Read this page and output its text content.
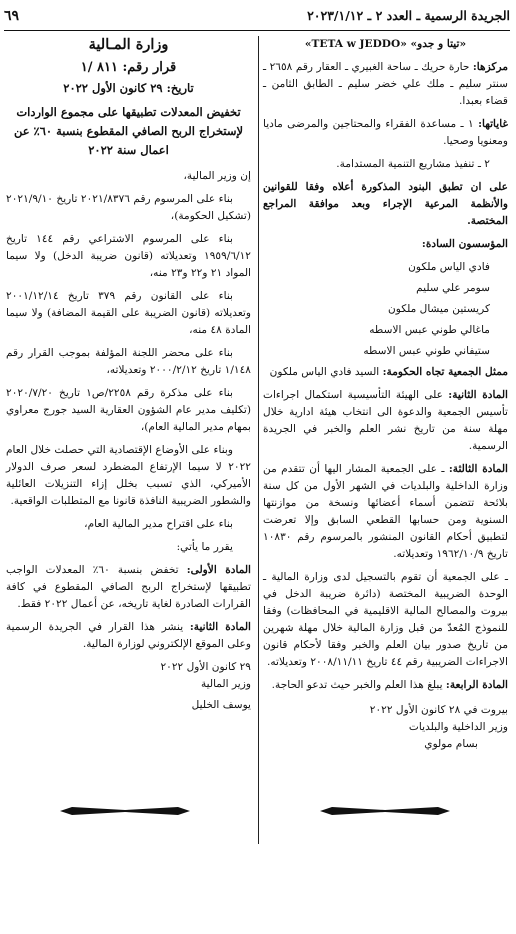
الجريدة الرسمية ـ العدد ٢ ـ ٢٠٢٣/١/١٢
٦٩

«تيتا و جدو» «TETA w JEDDO»

مركزها: حارة حريك ـ ساحة الغبيري ـ العقار رقم ٢٦٥٨ ـ سنتر سليم ـ ملك علي خضر سليم ـ الطابق الثامن ـ قضاء بعبدا.

غاياتها: ١ ـ مساعدة الفقراء والمحتاجين والمرضى ماديا ومعنويا وصحيا.

٢ ـ تنفيذ مشاريع التنمية المستدامة.

على ان تطبق البنود المذكورة أعلاه وفقا للقوانين والأنظمة المرعية الإجراء وبعد موافقة المراجع المختصة.

المؤسسون السادة:

فادي الياس ملكون
سومر علي سليم
كريستين ميشال ملكون
ماغالي طوني عبس الاسطه
ستيفاني طوني عبس الاسطه

ممثل الجمعية تجاه الحكومة: السيد فادي الياس ملكون

المادة الثانية: على الهيئة التأسيسية استكمال اجراءات تأسيس الجمعية والدعوة الى انتخاب هيئة ادارية خلال مهلة سنة من تاريخ نشر العلم والخبر في الجريدة الرسمية.

المادة الثالثة: ـ على الجمعية المشار اليها أن تتقدم من وزارة الداخلية والبلديات في الشهر الأول من كل سنة بلائحة تتضمن أسماء أعضائها ونسخة من موازنتها السنوية ومن حسابها القطعي السابق وإلا تعرضت لتطبيق أحكام القانون المنشور بالمرسوم رقم ١٠٨٣٠ تاريخ ١٩٦٢/١٠/٩ وتعديلاته.

ـ على الجمعية أن تقوم بالتسجيل لدى وزارة المالية ـ الوحدة الضريبية المختصة (دائرة ضريبة الدخل في بيروت والمصالح المالية الاقليمية في المحافظات) وفقا للنموذج المُعدّ من قبل وزارة المالية خلال مهلة شهرين من تاريخ صدور بيان العلم والخبر وفقا لأحكام قانون الاجراءات الضريبية رقم ٤٤ تاريخ ٢٠٠٨/١١/١١ وتعديلاته.

المادة الرابعة: يبلغ هذا العلم والخبر حيث تدعو الحاجة.

بيروت في ٢٨ كانون الأول ٢٠٢٢

وزير الداخلية والبلديات

بسام مولوي

وزارة المـالية
قرار رقم: ٨١١ /١
تاريخ: ٢٩ كانون الأول ٢٠٢٢
تخفيض المعدلات تطبيقها على مجموع الواردات لإستخراج الربح الصافي المقطوع بنسبة ٦٠٪ عن اعمال سنة ٢٠٢٢

إن وزير المالية،

بناء على المرسوم رقم ٢٠٢١/٨٣٧٦ تاريخ ٢٠٢١/٩/١٠ (تشكيل الحكومة)،

بناء على المرسوم الاشتراعي رقم ١٤٤ تاريخ ١٩٥٩/٦/١٢ وتعديلاته (قانون ضريبة الدخل) ولا سيما المواد ٢١ و٢٢ و٢٣ منه،

بناء على القانون رقم ٣٧٩ تاريخ ٢٠٠١/١٢/١٤ وتعديلاته (قانون الضريبة على القيمة المضافة) ولا سيما المادة ٤٨ منه،

بناء على محضر اللجنة المؤلفة بموجب القرار رقم ١/١٤٨ تاريخ ٢٠٠٠/٢/١٢ وتعديلاته،

بناء على مذكرة رقم ٢٢٥٨/ص١ تاريخ ٢٠٢٠/٧/٢٠ (تكليف مدير عام الشؤون العقارية السيد جورج معراوي بمهام مدير المالية العام)،

وبناء على الأوضاع الإقتصادية التي حصلت خلال العام ٢٠٢٢ لا سيما الإرتفاع المضطرد لسعر صرف الدولار الأميركي، الذي تسبب بخلل إزاء التنزيلات العائلية والشطور الضريبية النافذة قانونا مع المتطلبات الواقعية.

بناء على اقتراح مدير المالية العام،

يقرر ما يأتي:

المادة الأولى: تخفض بنسبة ٦٠٪ المعدلات الواجب تطبيقها لإستخراج الربح الصافي المقطوع في كافة القرارات الصادرة لغاية تاريخه، عن أعمال ٢٠٢٢ فقط.

المادة الثانية: ينشر هذا القرار في الجريدة الرسمية وعلى الموقع الإلكتروني لوزارة المالية.

٢٩ كانون الأول ٢٠٢٢

وزير المالية

يوسف الخليل
